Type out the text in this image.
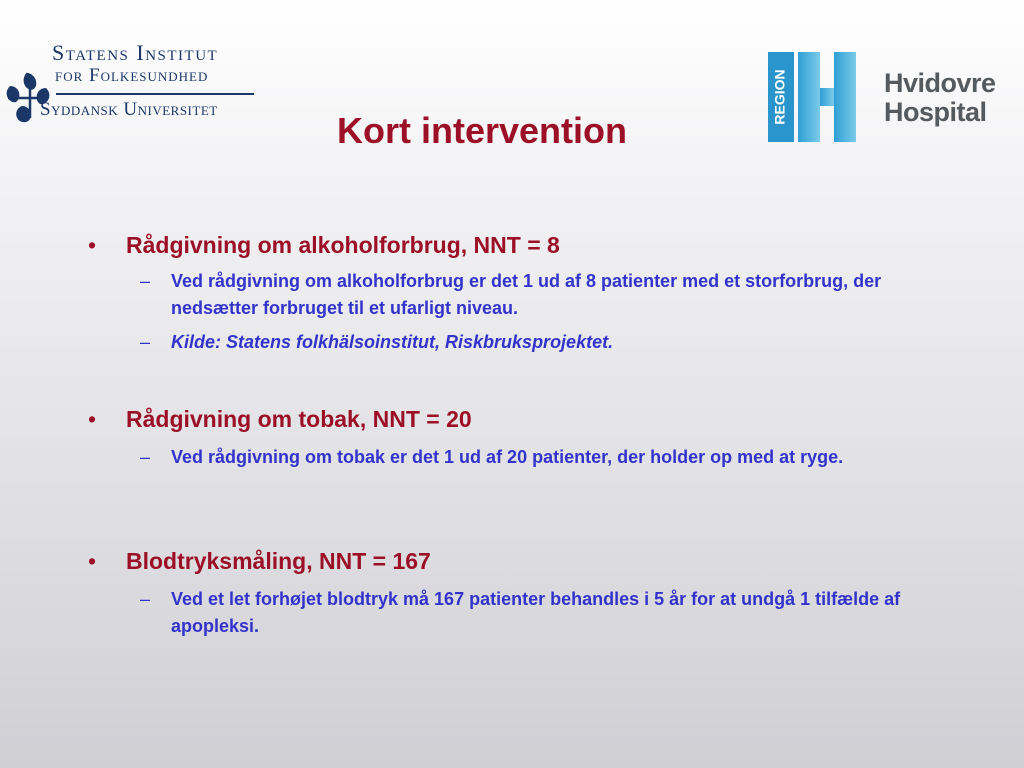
Statens Institut
for Folkesundhed
Syddansk Universitet	REGION	Hvidovre
Hospital
Kort intervention
• Rådgivning om alkoholforbrug, NNT = 8
– Ved rådgivning om alkoholforbrug er det 1 ud af 8 patienter med et storforbrug, der nedsætter forbruget til et ufarligt niveau.
– Kilde: Statens folkhälsoinstitut, Riskbruksprojektet.
• Rådgivning om tobak, NNT = 20
– Ved rådgivning om tobak er det 1 ud af 20 patienter, der holder op med at ryge.
• Blodtryksmåling, NNT = 167
– Ved et let forhøjet blodtryk må 167 patienter behandles i 5 år for at undgå 1 tilfælde af apopleksi.
